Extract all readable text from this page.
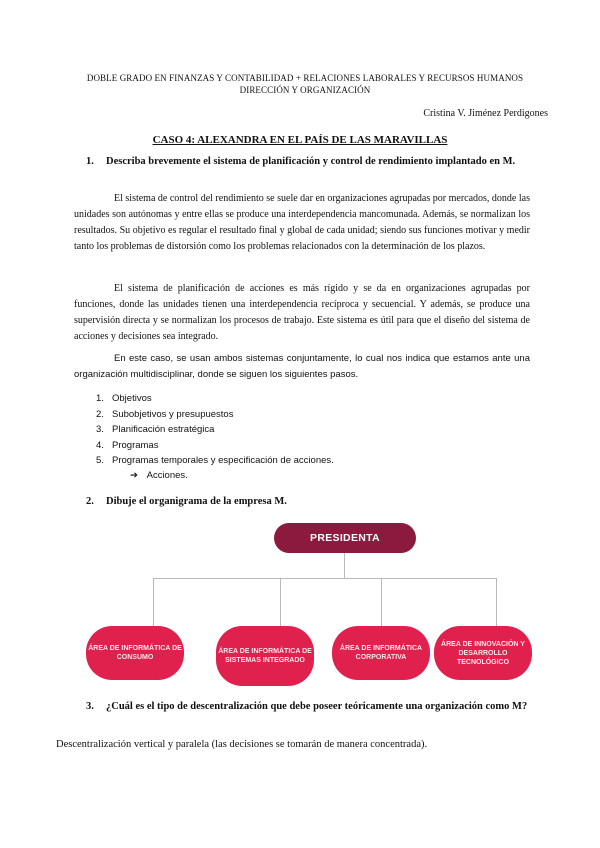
DOBLE GRADO EN FINANZAS Y CONTABILIDAD + RELACIONES LABORALES Y RECURSOS HUMANOS
DIRECCIÓN Y ORGANIZACIÓN
Cristina V. Jiménez Perdigones
CASO 4: ALEXANDRA EN EL PAÍS DE LAS MARAVILLAS
1.	Describa brevemente el sistema de planificación y control de rendimiento implantado en M.
El sistema de control del rendimiento se suele dar en organizaciones agrupadas por mercados, donde las unidades son autónomas y entre ellas se produce una interdependencia mancomunada. Además, se normalizan los resultados. Su objetivo es regular el resultado final y global de cada unidad; siendo sus funciones motivar y medir tanto los problemas de distorsión como los problemas relacionados con la determinación de los plazos.
El sistema de planificación de acciones es más rígido y se da en organizaciones agrupadas por funciones, donde las unidades tienen una interdependencia recíproca y secuencial. Y además, se produce una supervisión directa y se normalizan los procesos de trabajo. Este sistema es útil para que el diseño del sistema de acciones y decisiones sea integrado.
En este caso, se usan ambos sistemas conjuntamente, lo cual nos indica que estamos ante una organización multidisciplinar, donde se siguen los siguientes pasos.
1. Objetivos
2. Subobjetivos y presupuestos
3. Planificación estratégica
4. Programas
5. Programas temporales y especificación de acciones.
➔ Acciones.
2.	Dibuje el organigrama de la empresa M.
PRESIDENTA
ÁREA DE INFORMÁTICA DE CONSUMO
ÁREA DE INFORMÁTICA DE SISTEMAS INTEGRADO
ÁREA DE INFORMÁTICA CORPORATIVA
ÁREA DE INNOVACIÓN Y DESARROLLO TECNOLÓGICO
3.	¿Cuál es el tipo de descentralización que debe poseer teóricamente una organización como M?
Descentralización vertical y paralela (las decisiones se tomarán de manera concentrada).
